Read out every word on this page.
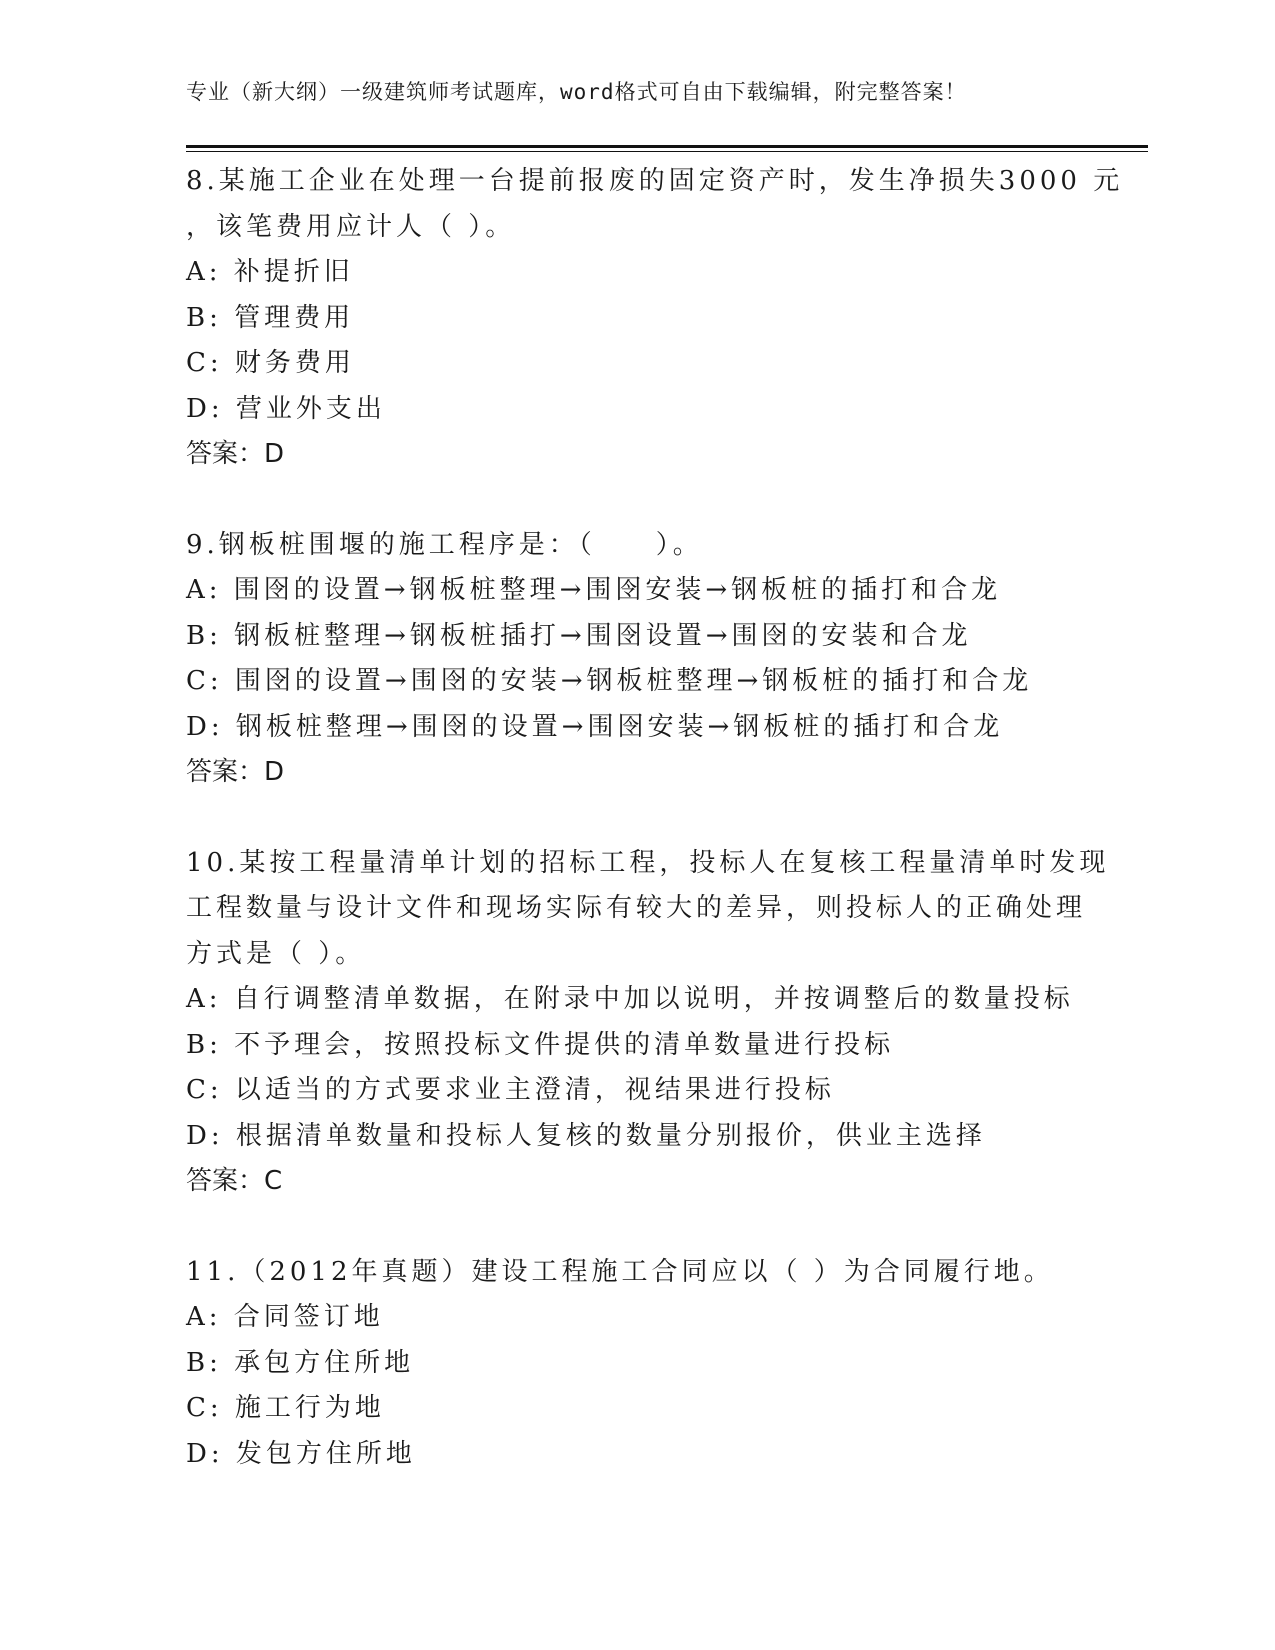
专业（新大纲）一级建筑师考试题库，word格式可自由下载编辑，附完整答案！
8.某施工企业在处理一台提前报废的固定资产时，发生净损失3000 元
，该笔费用应计人（ ）。
A: 补提折旧
B: 管理费用
C: 财务费用
D: 营业外支出
答案：D
9.钢板桩围堰的施工程序是：（　　）。
A: 围囹的设置→钢板桩整理→围囹安装→钢板桩的插打和合龙
B: 钢板桩整理→钢板桩插打→围囹设置→围囹的安装和合龙
C: 围囹的设置→围囹的安装→钢板桩整理→钢板桩的插打和合龙
D: 钢板桩整理→围囹的设置→围囹安装→钢板桩的插打和合龙
答案：D
10.某按工程量清单计划的招标工程，投标人在复核工程量清单时发现
工程数量与设计文件和现场实际有较大的差异，则投标人的正确处理
方式是（ ）。
A: 自行调整清单数据，在附录中加以说明，并按调整后的数量投标
B: 不予理会，按照投标文件提供的清单数量进行投标
C: 以适当的方式要求业主澄清，视结果进行投标
D: 根据清单数量和投标人复核的数量分别报价，供业主选择
答案：C
11.（2012年真题）建设工程施工合同应以（ ）为合同履行地。
A: 合同签订地
B: 承包方住所地
C: 施工行为地
D: 发包方住所地
